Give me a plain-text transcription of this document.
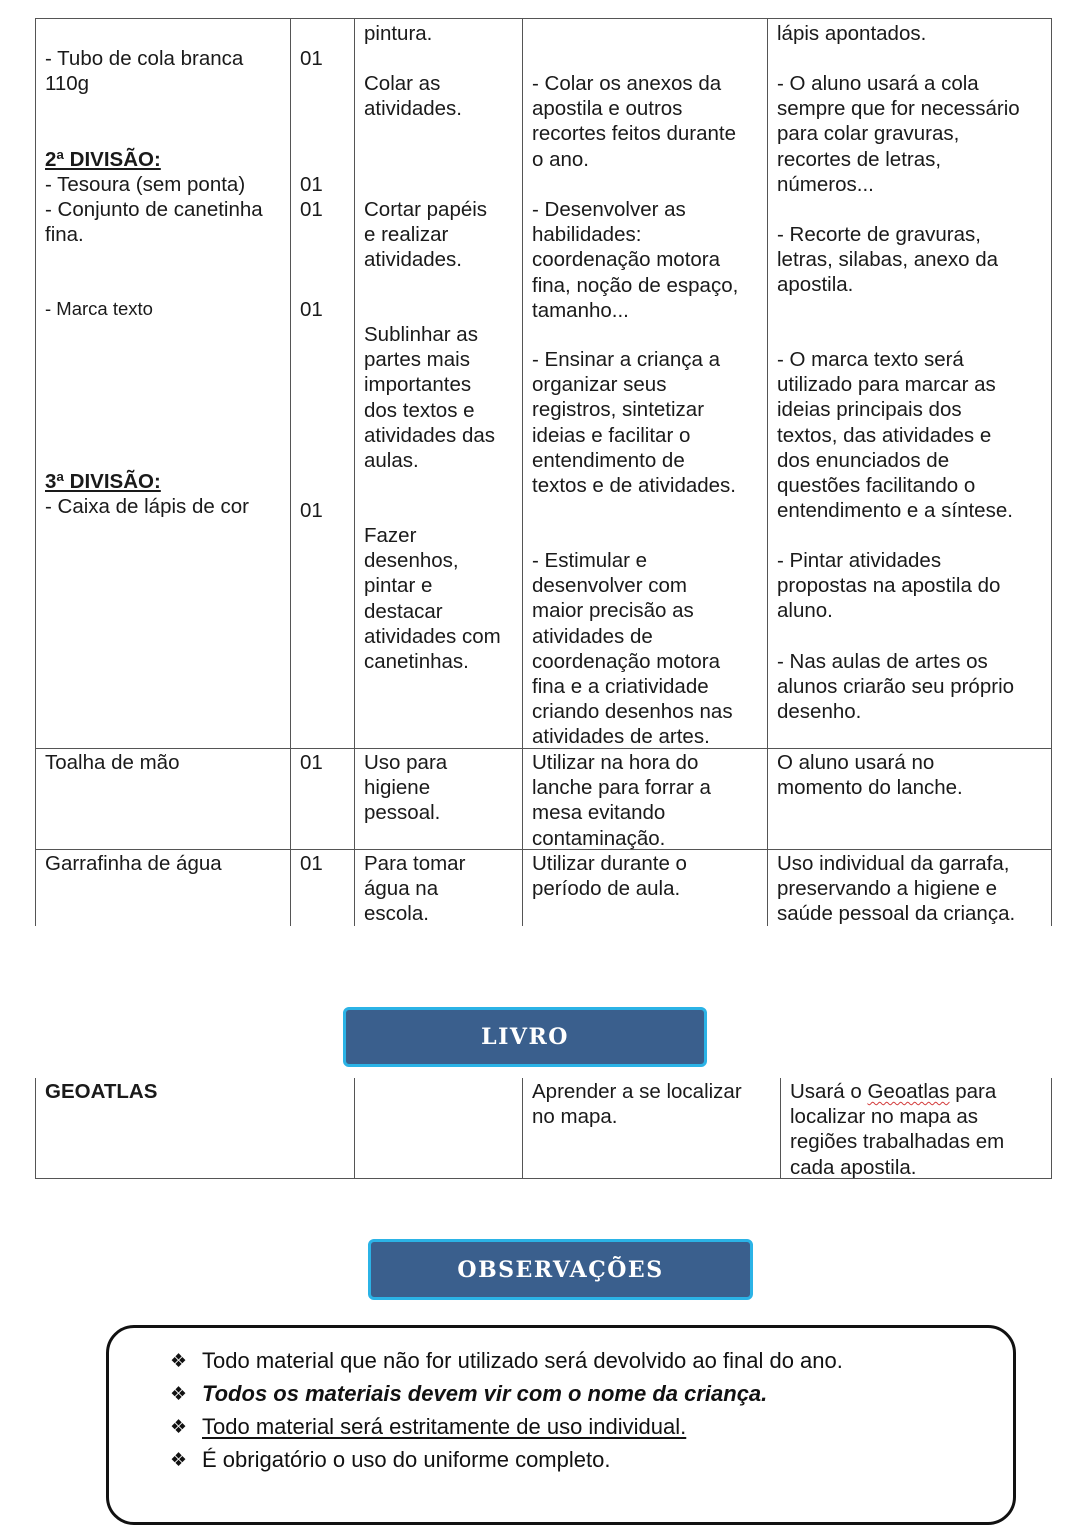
- Tubo de cola branca
110g
2ª DIVISÃO:
- Tesoura (sem ponta)
- Conjunto de canetinha
fina.
- Marca texto
3ª DIVISÃO:
- Caixa de lápis de cor
Toalha de mão
Garrafinha de água
01
01
01
01
01
01
01
pintura.
Colar as
atividades.
Cortar papéis
e realizar
atividades.
Sublinhar as
partes mais
importantes
dos textos e
atividades das
aulas.
Fazer
desenhos,
pintar e
destacar
atividades com
canetinhas.
Uso para
higiene
pessoal.
Para tomar
água na
escola.
- Colar os anexos da
apostila e outros
recortes feitos durante
o ano.
- Desenvolver as
habilidades:
coordenação motora
fina, noção de espaço,
tamanho...
- Ensinar a criança a
organizar seus
registros, sintetizar
ideias e facilitar o
entendimento de
textos e de atividades.
- Estimular e
desenvolver com
maior precisão as
atividades de
coordenação motora
fina e a criatividade
criando desenhos nas
atividades de artes.
Utilizar na hora do
lanche para forrar a
mesa evitando
contaminação.
Utilizar durante o
período de aula.
lápis apontados.
- O aluno usará a cola
sempre que for necessário
para colar gravuras,
recortes de letras,
números...
- Recorte de gravuras,
letras, silabas, anexo da
apostila.
- O marca texto será
utilizado para marcar as
ideias principais dos
textos, das atividades e
dos enunciados de
questões facilitando o
entendimento e a síntese.
- Pintar atividades
propostas na apostila do
aluno.
- Nas aulas de artes os
alunos criarão seu próprio
desenho.
O aluno usará no
momento do lanche.
Uso individual da garrafa,
preservando a higiene e
saúde pessoal da criança.
LIVRO
GEOATLAS	Aprender a se localizar
no mapa.
Usará o Geoatlas para
localizar no mapa as
regiões trabalhadas em
cada apostila.
OBSERVAÇÕES
❖ Todo material que não for utilizado será devolvido ao final do ano.
❖ Todos os materiais devem vir com o nome da criança.
❖ Todo material será estritamente de uso individual.
❖ É obrigatório o uso do uniforme completo.
